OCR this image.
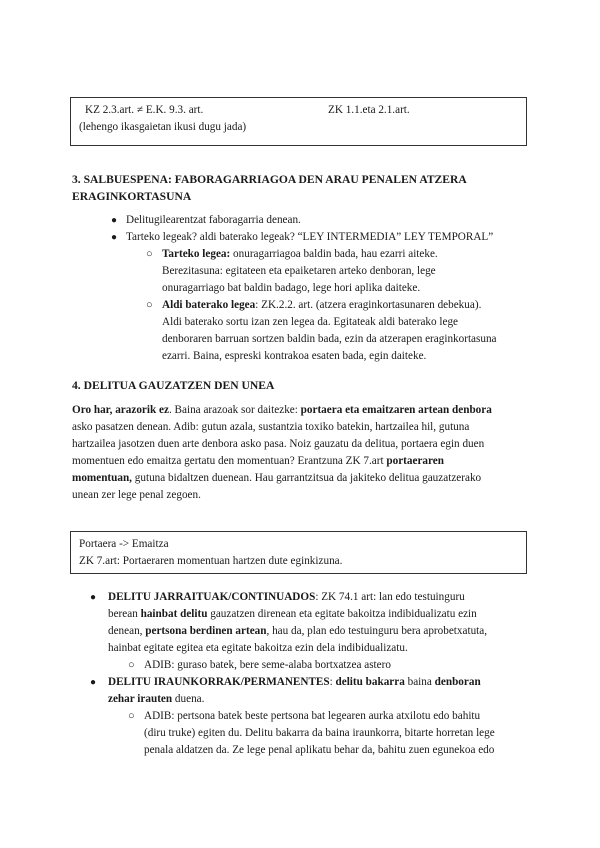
KZ 2.3.art. ≠ E.K. 9.3. art.	ZK 1.1.eta 2.1.art.
(lehengo ikasgaietan ikusi dugu jada)
3. SALBUESPENA: FABORAGARRIAGOA DEN ARAU PENALEN ATZERA
ERAGINKORTASUNA
● Delitugilearentzat faboragarria denean.
● Tarteko legeak? aldi baterako legeak? “LEY INTERMEDIA” LEY TEMPORAL”
○ Tarteko legea: onuragarriagoa baldin bada, hau ezarri aiteke.
Berezitasuna: egitateen eta epaiketaren arteko denboran, lege
onuragarriago bat baldin badago, lege hori aplika daiteke.
○ Aldi baterako legea: ZK.2.2. art. (atzera eraginkortasunaren debekua).
Aldi baterako sortu izan zen legea da. Egitateak aldi baterako lege
denboraren barruan sortzen baldin bada, ezin da atzerapen eraginkortasuna
ezarri. Baina, espreski kontrakoa esaten bada, egin daiteke.
4. DELITUA GAUZATZEN DEN UNEA
Oro har, arazorik ez. Baina arazoak sor daitezke: portaera eta emaitzaren artean denbora
asko pasatzen denean. Adib: gutun azala, sustantzia toxiko batekin, hartzailea hil, gutuna
hartzailea jasotzen duen arte denbora asko pasa. Noiz gauzatu da delitua, portaera egin duen
momentuen edo emaitza gertatu den momentuan? Erantzuna ZK 7.art portaeraren
momentuan, gutuna bidaltzen duenean. Hau garrantzitsua da jakiteko delitua gauzatzerako
unean zer lege penal zegoen.
Portaera -> Emaitza
ZK 7.art: Portaeraren momentuan hartzen dute eginkizuna.
● DELITU JARRAITUAK/CONTINUADOS: ZK 74.1 art: lan edo testuinguru
berean hainbat delitu gauzatzen direnean eta egitate bakoitza indibidualizatu ezin
denean, pertsona berdinen artean, hau da, plan edo testuinguru bera aprobetxatuta,
hainbat egitate egitea eta egitate bakoitza ezin dela indibidualizatu.
○ ADIB: guraso batek, bere seme-alaba bortxatzea astero
● DELITU IRAUNKORRAK/PERMANENTES: delitu bakarra baina denboran
zehar irauten duena.
○ ADIB: pertsona batek beste pertsona bat legearen aurka atxilotu edo bahitu
(diru truke) egiten du. Delitu bakarra da baina iraunkorra, bitarte horretan lege
penala aldatzen da. Ze lege penal aplikatu behar da, bahitu zuen egunekoa edo
